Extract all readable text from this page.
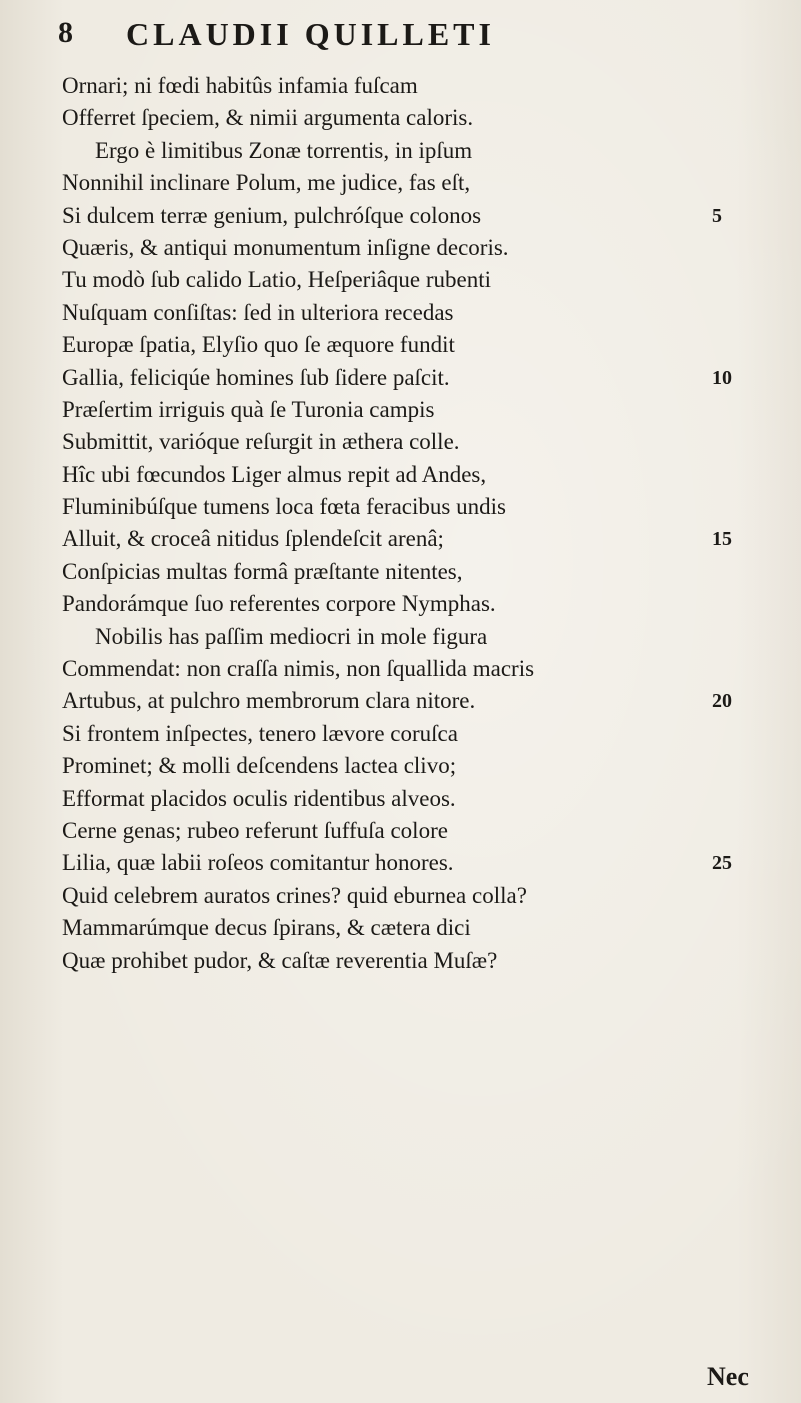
8 CLAUDII QUILLETI
Ornari; ni fœdi habitûs infamia fuſcam
Offerret ſpeciem, & nimii argumenta caloris.
Ergo è limitibus Zonæ torrentis, in ipſum
Nonnihil inclinare Polum, me judice, fas eſt,
Si dulcem terræ genium, pulchróſque colonos	5
Quæris, & antiqui monumentum inſigne decoris.
Tu modò ſub calido Latio, Heſperiâque rubenti
Nuſquam conſiſtas: ſed in ulteriora recedas
Europæ ſpatia, Elyſio quo ſe æquore fundit
Gallia, feliciqúe homines ſub ſidere paſcit.	10
Præſertim irriguis quà ſe Turonia campis
Submittit, varióque reſurgit in æthera colle.
Hîc ubi fœcundos Liger almus repit ad Andes,
Fluminibúſque tumens loca fœta feracibus undis
Alluit, & croceâ nitidus ſplendeſcit arenâ;	15
Conſpicias multas formâ præſtante nitentes,
Pandorámque ſuo referentes corpore Nymphas.
Nobilis has paſſim mediocri in mole figura
Commendat: non craſſa nimis, non ſquallida macris
Artubus, at pulchro membrorum clara nitore.	20
Si frontem inſpectes, tenero lævore coruſca
Prominet; & molli deſcendens lactea clivo;
Efformat placidos oculis ridentibus alveos.
Cerne genas; rubeo referunt ſuffuſa colore
Lilia, quæ labii roſeos comitantur honores.	25
Quid celebrem auratos crines? quid eburnea colla?
Mammarúmque decus ſpirans, & cætera dici
Quæ prohibet pudor, & caſtæ reverentia Muſæ?
Nec
